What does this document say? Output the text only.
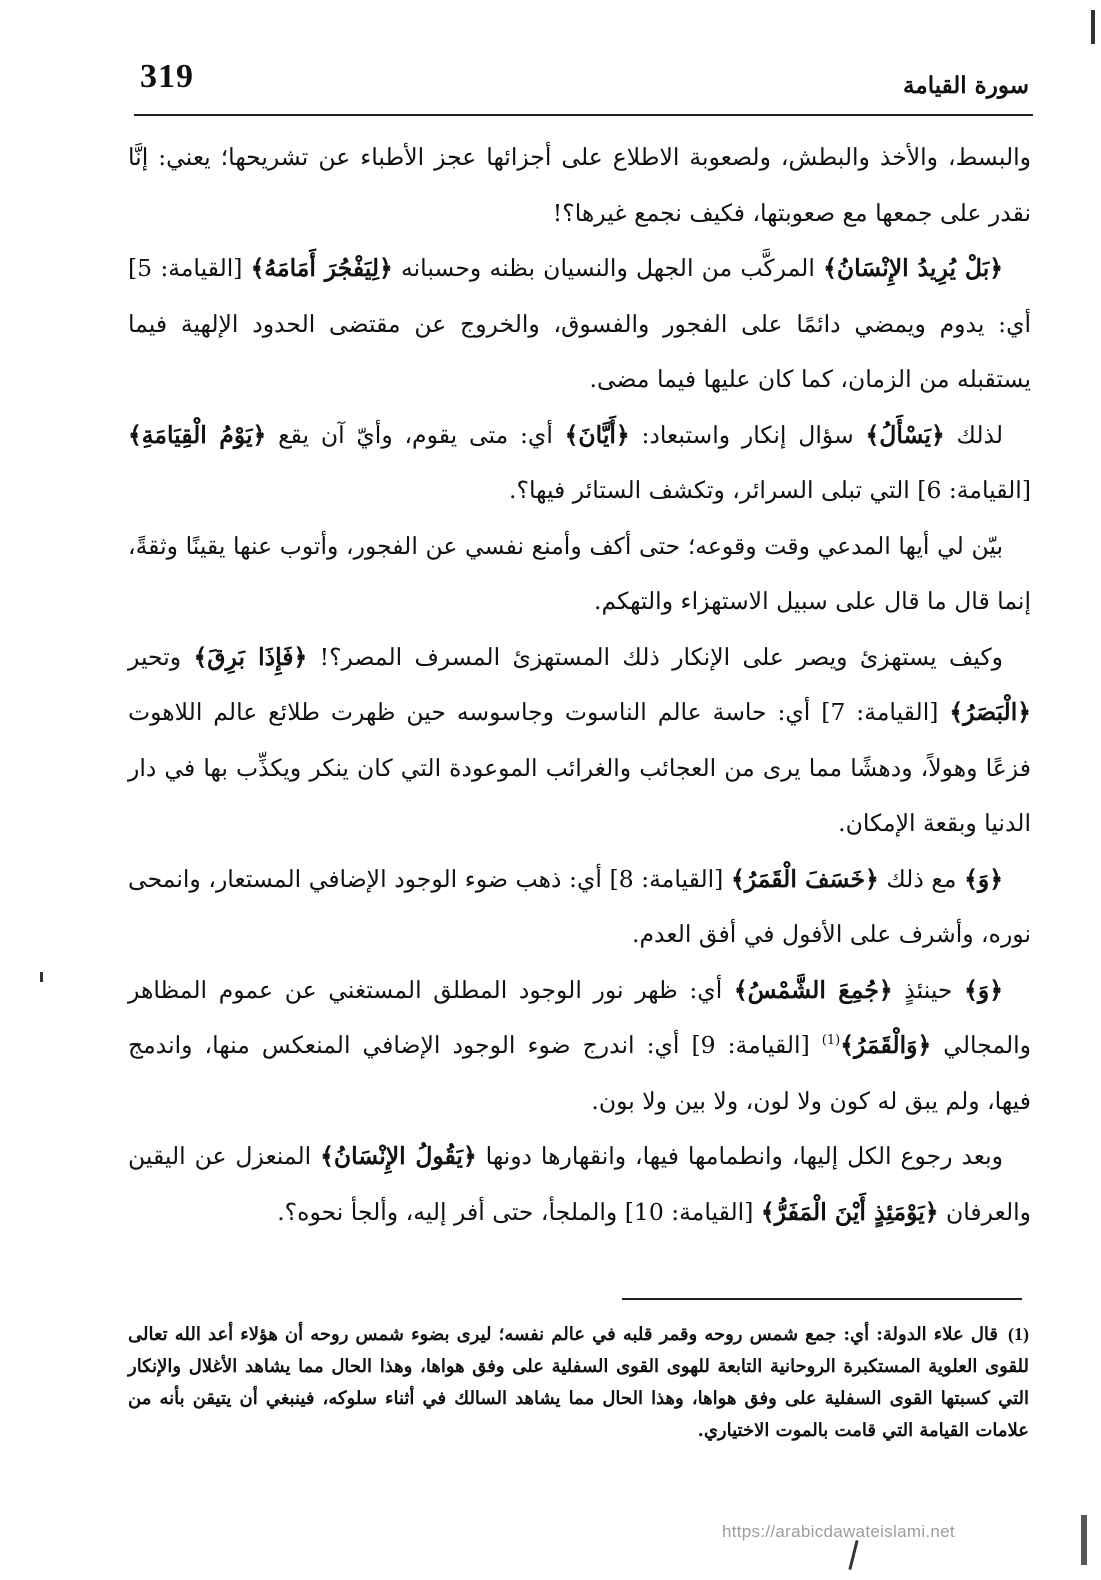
319	سورة القيامة

والبسط، والأخذ والبطش، ولصعوبة الاطلاع على أجزائها عجز الأطباء عن تشريحها؛ يعني: إنَّا نقدر على جمعها مع صعوبتها، فكيف نجمع غيرها؟!

﴿بَلْ يُرِيدُ الإِنْسَانُ﴾ المركَّب من الجهل والنسيان بظنه وحسبانه ﴿لِيَفْجُرَ أَمَامَهُ﴾ [القيامة: 5] أي: يدوم ويمضي دائمًا على الفجور والفسوق، والخروج عن مقتضى الحدود الإلهية فيما يستقبله من الزمان، كما كان عليها فيما مضى.

لذلك ﴿يَسْأَلُ﴾ سؤال إنكار واستبعاد: ﴿أَيَّانَ﴾ أي: متى يقوم، وأيّ آن يقع ﴿يَوْمُ الْقِيَامَةِ﴾ [القيامة: 6] التي تبلى السرائر، وتكشف الستائر فيها؟.

بيّن لي أيها المدعي وقت وقوعه؛ حتى أكف وأمنع نفسي عن الفجور، وأتوب عنها يقينًا وثقةً، إنما قال ما قال على سبيل الاستهزاء والتهكم.

وكيف يستهزئ ويصر على الإنكار ذلك المستهزئ المسرف المصر؟! ﴿فَإِذَا بَرِقَ﴾ وتحير ﴿الْبَصَرُ﴾ [القيامة: 7] أي: حاسة عالم الناسوت وجاسوسه حين ظهرت طلائع عالم اللاهوت فزعًا وهولاً، ودهشًا مما يرى من العجائب والغرائب الموعودة التي كان ينكر ويكذِّب بها في دار الدنيا وبقعة الإمكان.

﴿وَ﴾ مع ذلك ﴿خَسَفَ الْقَمَرُ﴾ [القيامة: 8] أي: ذهب ضوء الوجود الإضافي المستعار، وانمحى نوره، وأشرف على الأفول في أفق العدم.

﴿وَ﴾ حينئذٍ ﴿جُمِعَ الشَّمْسُ﴾ أي: ظهر نور الوجود المطلق المستغني عن عموم المظاهر والمجالي ﴿وَالْقَمَرُ﴾$^{(1)}$ [القيامة: 9] أي: اندرج ضوء الوجود الإضافي المنعكس منها، واندمج فيها، ولم يبق له كون ولا لون، ولا بين ولا بون.

وبعد رجوع الكل إليها، وانطمامها فيها، وانقهارها دونها ﴿يَقُولُ الإِنْسَانُ﴾ المنعزل عن اليقين والعرفان ﴿يَوْمَئِذٍ أَيْنَ الْمَفَرُّ﴾ [القيامة: 10] والملجأ، حتى أفر إليه، وألجأ نحوه؟.

(1)قال علاء الدولة: أي: جمع شمس روحه وقمر قلبه في عالم نفسه؛ ليرى بضوء شمس روحه أن هؤلاء أعد الله تعالى للقوى العلوية المستكبرة الروحانية التابعة للهوى القوى السفلية على وفق هواها، وهذا الحال مما يشاهد الأغلال والإنكار التي كسبتها القوى السفلية على وفق هواها، وهذا الحال مما يشاهد السالك في أثناء سلوكه، فينبغي أن يتيقن بأنه من علامات القيامة التي قامت بالموت الاختياري.
https://arabicdawateislami.net
